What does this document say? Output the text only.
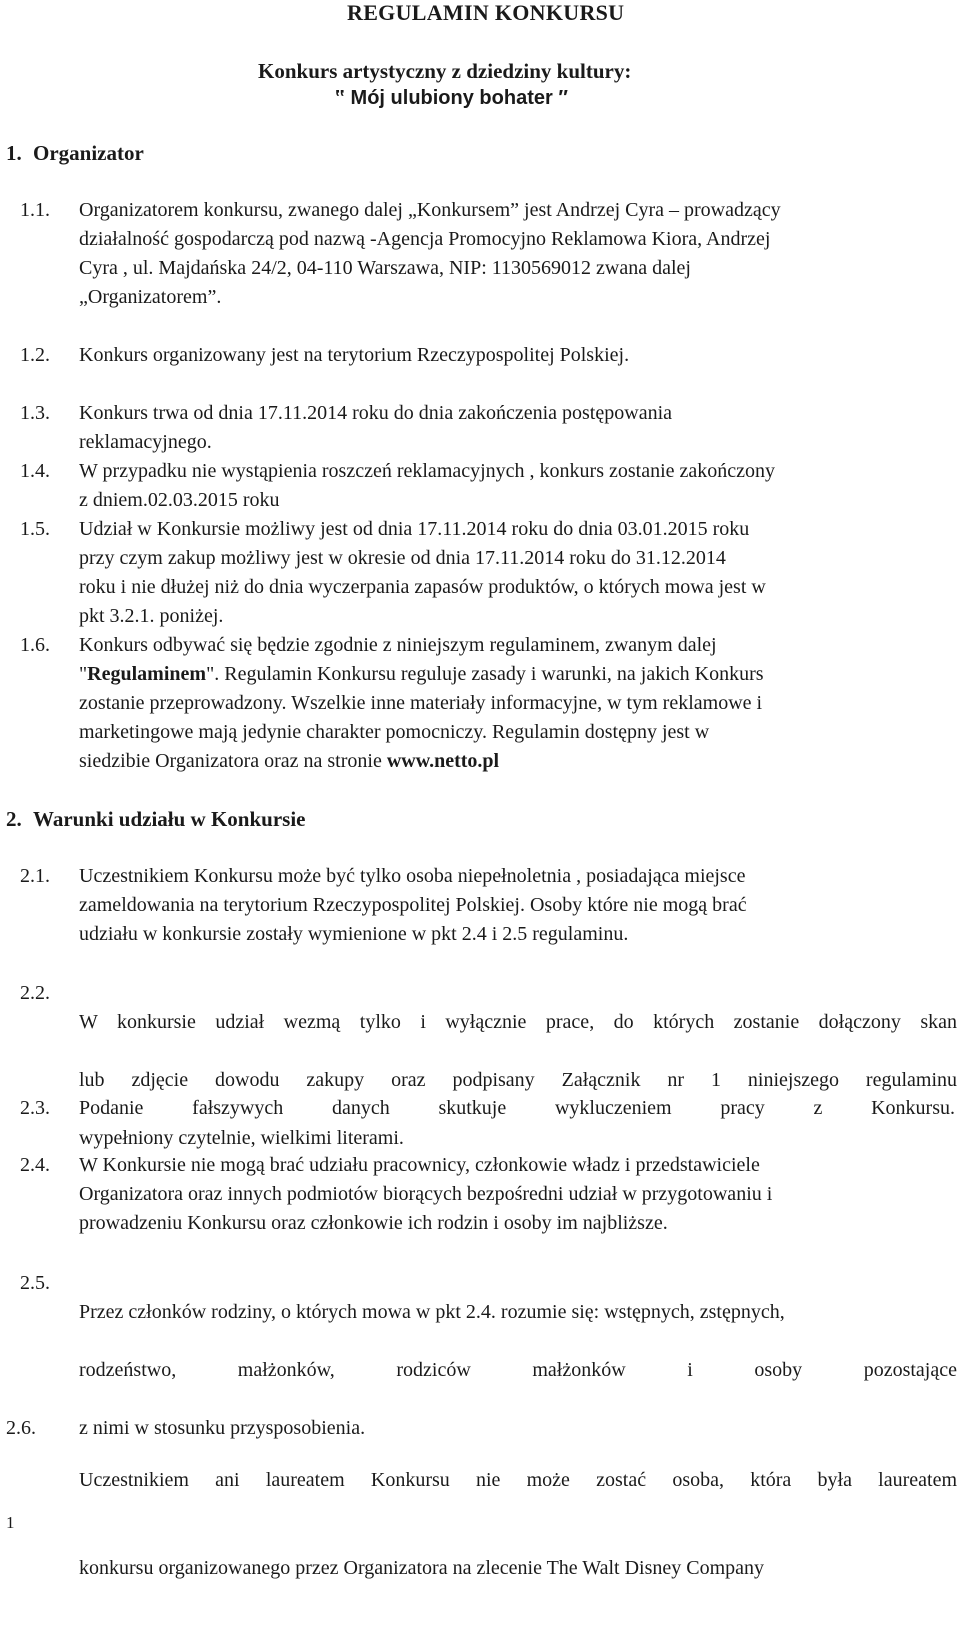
REGULAMIN KONKURSU
Konkurs artystyczny z dziedziny kultury:
‟ Mój ulubiony bohater ″
1. Organizator
1.1. Organizatorem konkursu, zwanego dalej „Konkursem” jest Andrzej Cyra – prowadzący
działalność gospodarczą pod nazwą -Agencja Promocyjno Reklamowa Kiora, Andrzej
Cyra , ul. Majdańska 24/2, 04-110 Warszawa, NIP: 1130569012 zwana dalej
„Organizatorem”.
1.2. Konkurs organizowany jest na terytorium Rzeczypospolitej Polskiej.
1.3. Konkurs trwa od dnia 17.11.2014 roku do dnia zakończenia postępowania
reklamacyjnego.
1.4. W przypadku nie wystąpienia roszczeń reklamacyjnych , konkurs zostanie zakończony
z dniem.02.03.2015 roku
1.5. Udział w Konkursie możliwy jest od dnia 17.11.2014 roku do dnia 03.01.2015 roku
przy czym zakup możliwy jest w okresie od dnia 17.11.2014 roku do 31.12.2014
roku i nie dłużej niż do dnia wyczerpania zapasów produktów, o których mowa jest w
pkt 3.2.1. poniżej.
1.6. Konkurs odbywać się będzie zgodnie z niniejszym regulaminem, zwanym dalej
"Regulaminem". Regulamin Konkursu reguluje zasady i warunki, na jakich Konkurs
zostanie przeprowadzony. Wszelkie inne materiały informacyjne, w tym reklamowe i
marketingowe mają jedynie charakter pomocniczy. Regulamin dostępny jest w
siedzibie Organizatora oraz na stronie www.netto.pl
2. Warunki udziału w Konkursie
2.1. Uczestnikiem Konkursu może być tylko osoba niepełnoletnia , posiadająca miejsce
zameldowania na terytorium Rzeczypospolitej Polskiej. Osoby które nie mogą brać
udziału w konkursie zostały wymienione w pkt 2.4 i 2.5 regulaminu.
2.2.

W konkursie udział wezmą tylko i wyłącznie prace, do których zostanie dołączony skan

lub zdjęcie dowodu zakupy oraz podpisany Załącznik nr 1 niniejszego regulaminu

wypełniony czytelnie, wielkimi literami.

2.3. Podanie fałszywych danych skutkuje wykluczeniem pracy z Konkursu.
2.4. W Konkursie nie mogą brać udziału pracownicy, członkowie władz i przedstawiciele
Organizatora oraz innych podmiotów biorących bezpośredni udział w przygotowaniu i
prowadzeniu Konkursu oraz członkowie ich rodzin i osoby im najbliższe.
2.5.

Przez członków rodziny, o których mowa w pkt 2.4. rozumie się: wstępnych, zstępnych,

rodzeństwo, małżonków, rodziców małżonków i osoby pozostające

z nimi w stosunku przysposobienia.

2.6.

Uczestnikiem ani laureatem Konkursu nie może zostać osoba, która była laureatem

konkursu organizowanego przez Organizatora na zlecenie The Walt Disney Company

1
